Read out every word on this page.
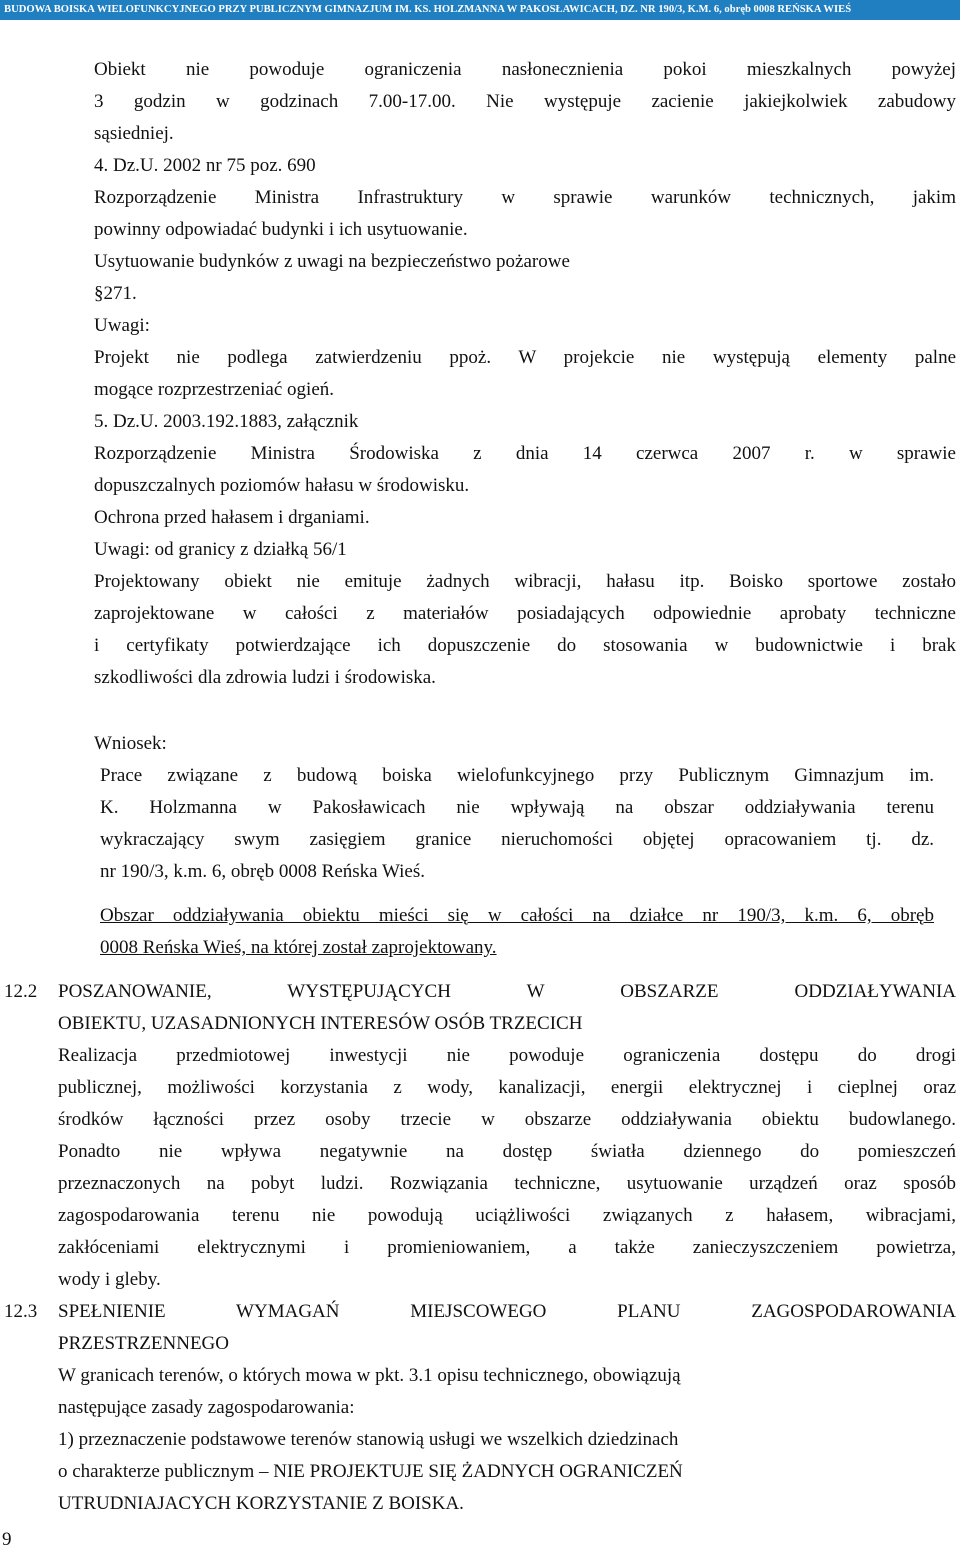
BUDOWA BOISKA WIELOFUNKCYJNEGO PRZY PUBLICZNYM GIMNAZJUM IM. KS. HOLZMANNA W PAKOSŁAWICACH, DZ. NR 190/3, K.M. 6, obręb 0008 REŃSKA WIEŚ
Obiekt nie powoduje ograniczenia nasłonecznienia pokoi mieszkalnych powyżej
3 godzin w godzinach 7.00-17.00. Nie występuje zacienie jakiejkolwiek zabudowy
sąsiedniej.
4. Dz.U. 2002 nr 75 poz. 690
Rozporządzenie Ministra Infrastruktury w sprawie warunków technicznych, jakim
powinny odpowiadać budynki i ich usytuowanie.
Usytuowanie budynków z uwagi na bezpieczeństwo pożarowe
§271.
Uwagi:
Projekt nie podlega zatwierdzeniu ppoż. W projekcie nie występują elementy palne
mogące rozprzestrzeniać ogień.
5. Dz.U. 2003.192.1883, załącznik
Rozporządzenie Ministra Środowiska z dnia 14 czerwca 2007 r. w sprawie
dopuszczalnych poziomów hałasu w środowisku.
Ochrona przed hałasem i drganiami.
Uwagi: od granicy z działką 56/1
Projektowany obiekt nie emituje żadnych wibracji, hałasu itp. Boisko sportowe zostało
zaprojektowane w całości z materiałów posiadających odpowiednie aprobaty techniczne
i certyfikaty potwierdzające ich dopuszczenie do stosowania w budownictwie i brak
szkodliwości dla zdrowia ludzi i środowiska.
Wniosek:
Prace związane z budową boiska wielofunkcyjnego przy Publicznym Gimnazjum im.
K. Holzmanna w Pakosławicach nie wpływają na obszar oddziaływania terenu
wykraczający swym zasięgiem granice nieruchomości objętej opracowaniem tj. dz.
nr 190/3, k.m. 6, obręb 0008 Reńska Wieś.
Obszar oddziaływania obiektu mieści się w całości na działce nr 190/3, k.m. 6, obręb
0008 Reńska Wieś, na której został zaprojektowany.
12.2 POSZANOWANIE, WYSTĘPUJĄCYCH W OBSZARZE ODDZIAŁYWANIA
OBIEKTU, UZASADNIONYCH INTERESÓW OSÓB TRZECICH
Realizacja przedmiotowej inwestycji nie powoduje ograniczenia dostępu do drogi
publicznej, możliwości korzystania z wody, kanalizacji, energii elektrycznej i cieplnej oraz
środków łączności przez osoby trzecie w obszarze oddziaływania obiektu budowlanego.
Ponadto nie wpływa negatywnie na dostęp światła dziennego do pomieszczeń
przeznaczonych na pobyt ludzi. Rozwiązania techniczne, usytuowanie urządzeń oraz sposób
zagospodarowania terenu nie powodują uciążliwości związanych z hałasem, wibracjami,
zakłóceniami elektrycznymi i promieniowaniem, a także zanieczyszczeniem powietrza,
wody i gleby.
12.3 SPEŁNIENIE WYMAGAŃ MIEJSCOWEGO PLANU ZAGOSPODAROWANIA
PRZESTRZENNEGO
W granicach terenów, o których mowa w pkt. 3.1 opisu technicznego, obowiązują
następujące zasady zagospodarowania:
1) przeznaczenie podstawowe terenów stanowią usługi we wszelkich dziedzinach
o charakterze publicznym – NIE PROJEKTUJE SIĘ ŻADNYCH OGRANICZEŃ
UTRUDNIAJACYCH KORZYSTANIE Z BOISKA.
9
